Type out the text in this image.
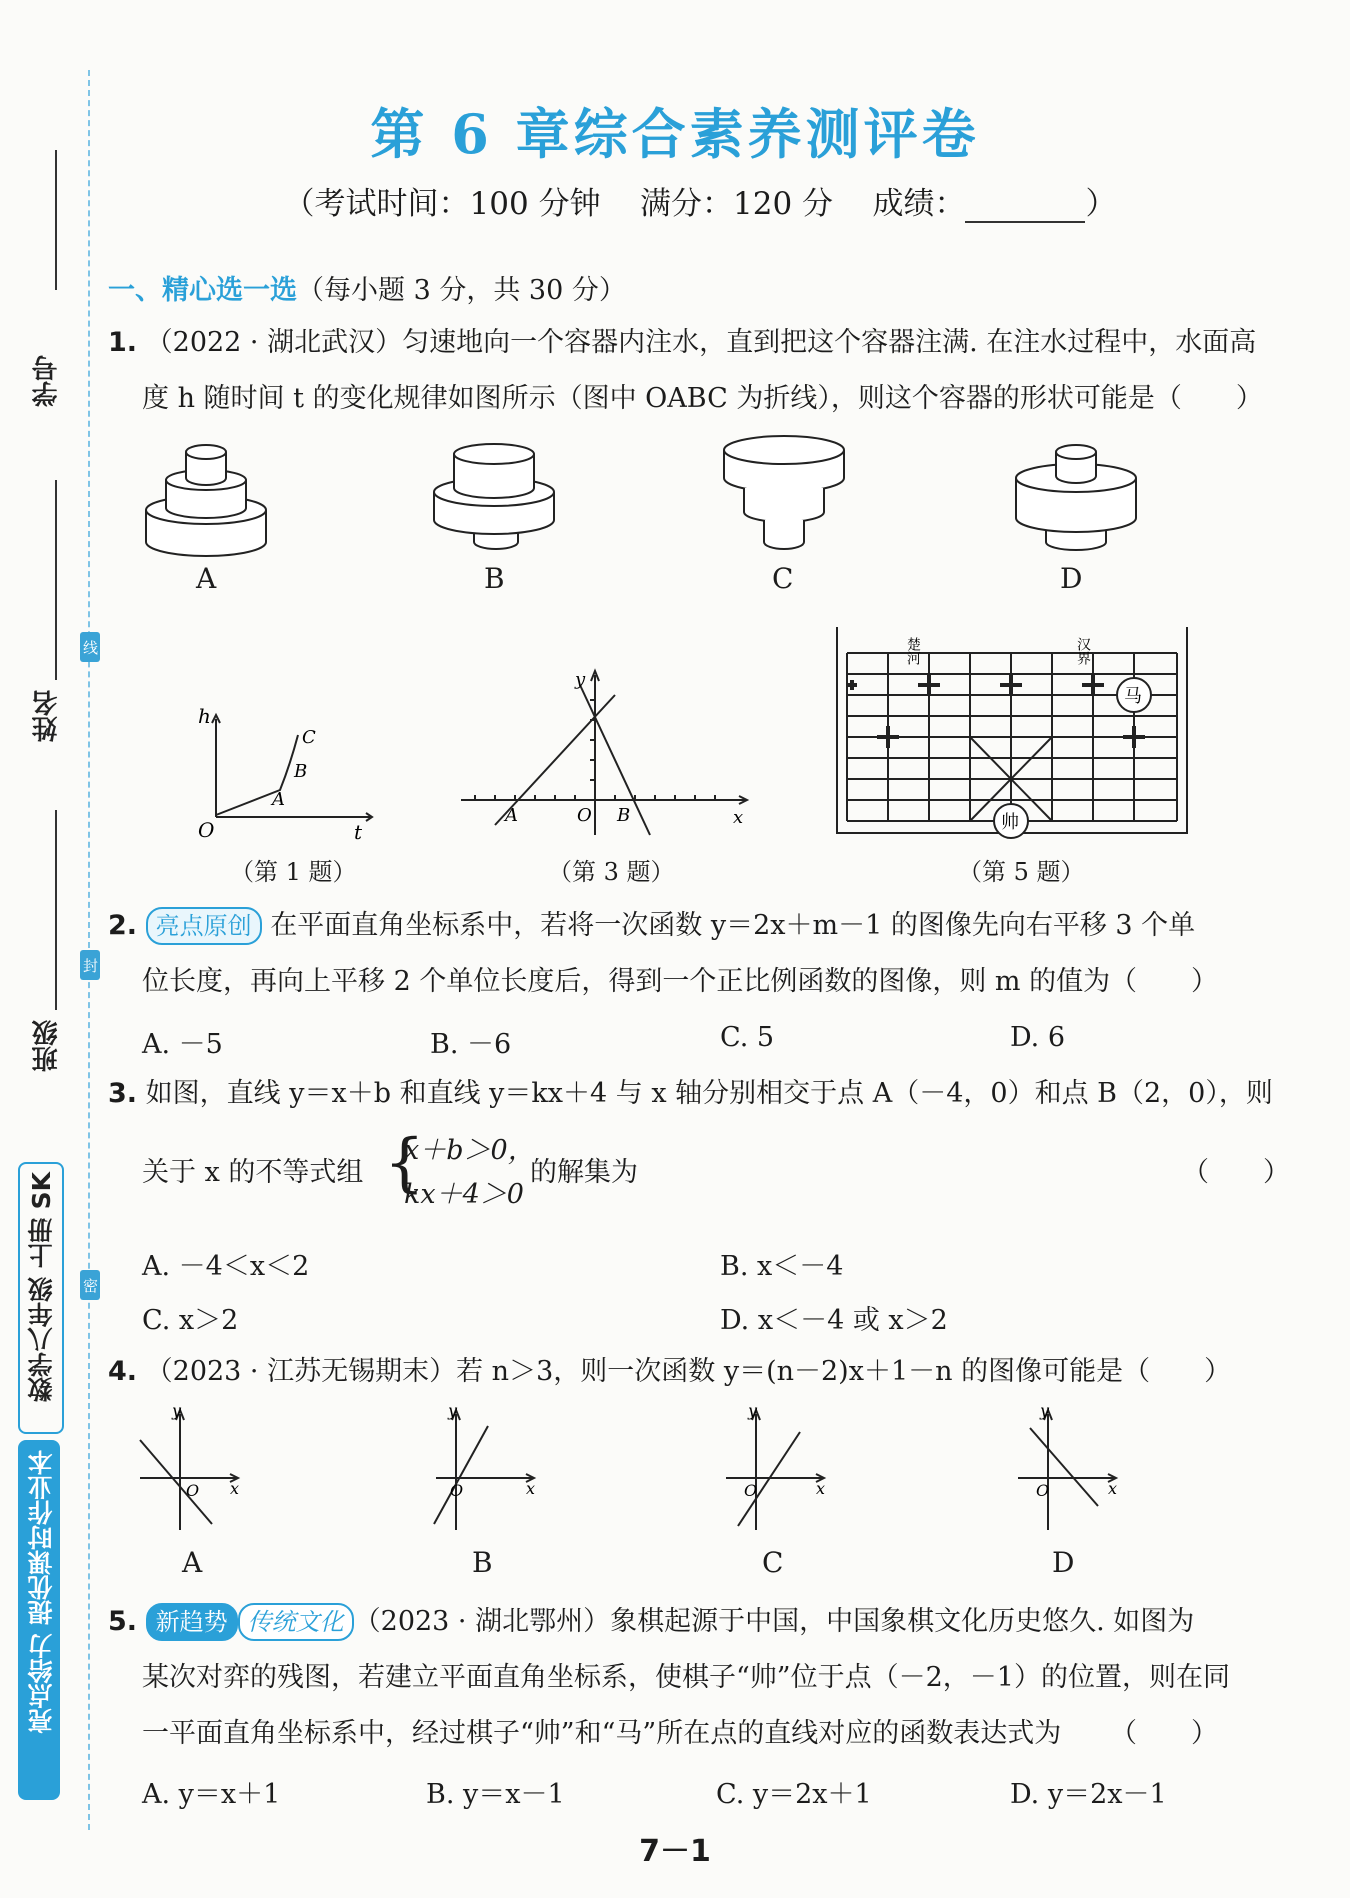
学号
姓名
班级
线
封
密
数学八年级 上册 SK
亮点给力 提优课时作业本
第 6 章综合素养测评卷
（考试时间：100 分钟 满分：120 分 成绩：	）
一、精心选一选（每小题 3 分，共 30 分）
1. （2022 · 湖北武汉）匀速地向一个容器内注水，直到把这个容器注满. 在注水过程中，水面高
度 h 随时间 t 的变化规律如图所示（图中 OABC 为折线），则这个容器的形状可能是（　　）
A	B	C	D
h
O	t
A
B
C
（第 1 题）
y
x
O
A	B
（第 3 题）
楚河	汉界
马
帅
（第 5 题）
2. 亮点原创 在平面直角坐标系中，若将一次函数 y＝2x＋m－1 的图像先向右平移 3 个单
位长度，再向上平移 2 个单位长度后，得到一个正比例函数的图像，则 m 的值为 （　　）
A. －5	B. －6	C. 5	D. 6
3. 如图，直线 y＝x＋b 和直线 y＝kx＋4 与 x 轴分别相交于点 A（－4，0）和点 B（2，0），则
关于 x 的不等式组 {
x＋b＞0，
kx＋4＞0
的解集为	（　　）
A. －4＜x＜2	B. x＜－4
C. x＞2	D. x＜－4 或 x＞2
4. （2023 · 江苏无锡期末）若 n＞3，则一次函数 y＝(n－2)x＋1－n 的图像可能是（　　）
y
O x
y
O	x
y
O	x
y
O	x
A	B	C	D
5. 新趋势 传统文化 （2023 · 湖北鄂州）象棋起源于中国，中国象棋文化历史悠久. 如图为
某次对弈的残图，若建立平面直角坐标系，使棋子“帅”位于点（－2，－1）的位置，则在同
一平面直角坐标系中，经过棋子“帅”和“马”所在点的直线对应的函数表达式为 （　　）
A. y＝x＋1	B. y＝x－1	C. y＝2x＋1	D. y＝2x－1
7－1
